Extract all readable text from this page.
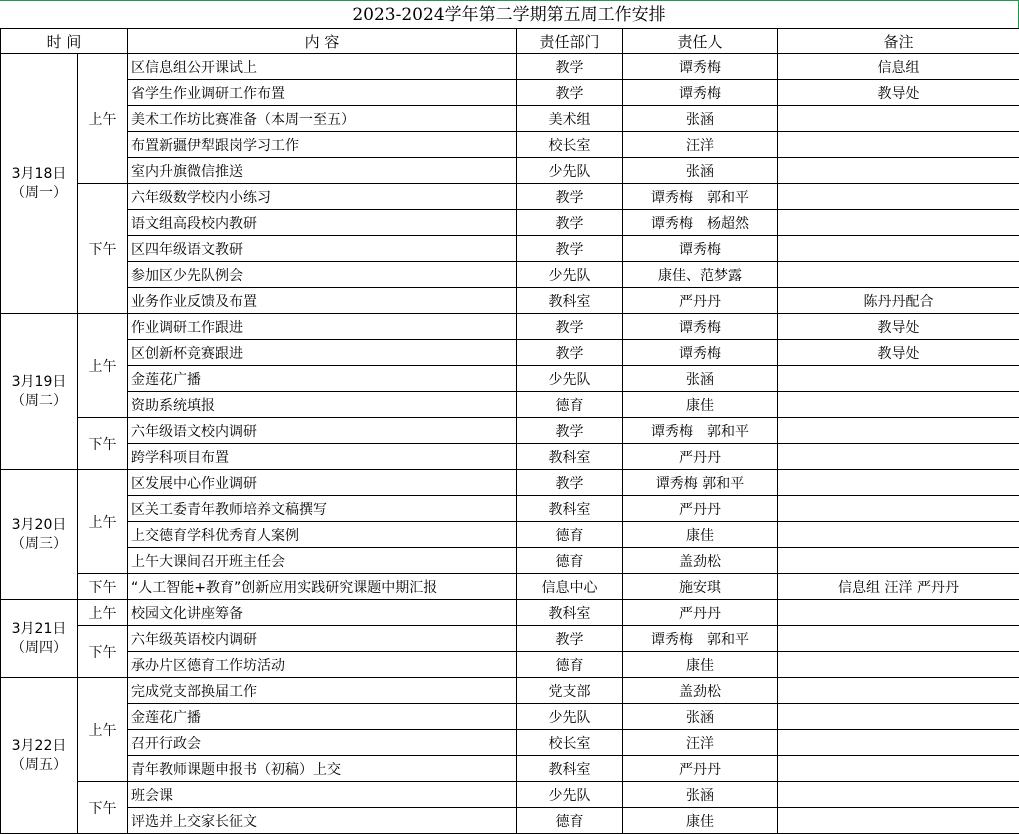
2023-2024学年第二学期第五周工作安排
时 间		内 容	责任部门	责任人	备注

3月18日
（周一）	上午	区信息组公开课试上	教学	谭秀梅	信息组
		省学生作业调研工作布置	教学	谭秀梅	教导处
		美术工作坊比赛准备（本周一至五）	美术组	张涵	
		布置新疆伊犁跟岗学习工作	校长室	汪洋	
		室内升旗微信推送	少先队	张涵	
	下午	六年级数学校内小练习	教学	谭秀梅　郭和平	
		语文组高段校内教研	教学	谭秀梅　杨超然	
		区四年级语文教研	教学	谭秀梅	
		参加区少先队例会	少先队	康佳、范梦露	
		业务作业反馈及布置	教科室	严丹丹	陈丹丹配合

3月19日
（周二）	上午	作业调研工作跟进	教学	谭秀梅	教导处
		区创新杯竞赛跟进	教学	谭秀梅	教导处
		金莲花广播	少先队	张涵	
		资助系统填报	德育	康佳	
	下午	六年级语文校内调研	教学	谭秀梅　郭和平	
		跨学科项目布置	教科室	严丹丹	

3月20日
（周三）	上午	区发展中心作业调研	教学	谭秀梅 郭和平	
		区关工委青年教师培养文稿撰写	教科室	严丹丹	
		上交德育学科优秀育人案例	德育	康佳	
		上午大课间召开班主任会	德育	盖劲松	
	下午	“人工智能+教育”创新应用实践研究课题中期汇报	信息中心	施安琪	信息组 汪洋 严丹丹

3月21日
（周四）	上午	校园文化讲座筹备	教科室	严丹丹	
	下午	六年级英语校内调研	教学	谭秀梅　郭和平	
		承办片区德育工作坊活动	德育	康佳	

3月22日
（周五）	上午	完成党支部换届工作	党支部	盖劲松	
		金莲花广播	少先队	张涵	
		召开行政会	校长室	汪洋	
		青年教师课题申报书（初稿）上交	教科室	严丹丹	
	下午	班会课	少先队	张涵	
		评选并上交家长征文	德育	康佳	
